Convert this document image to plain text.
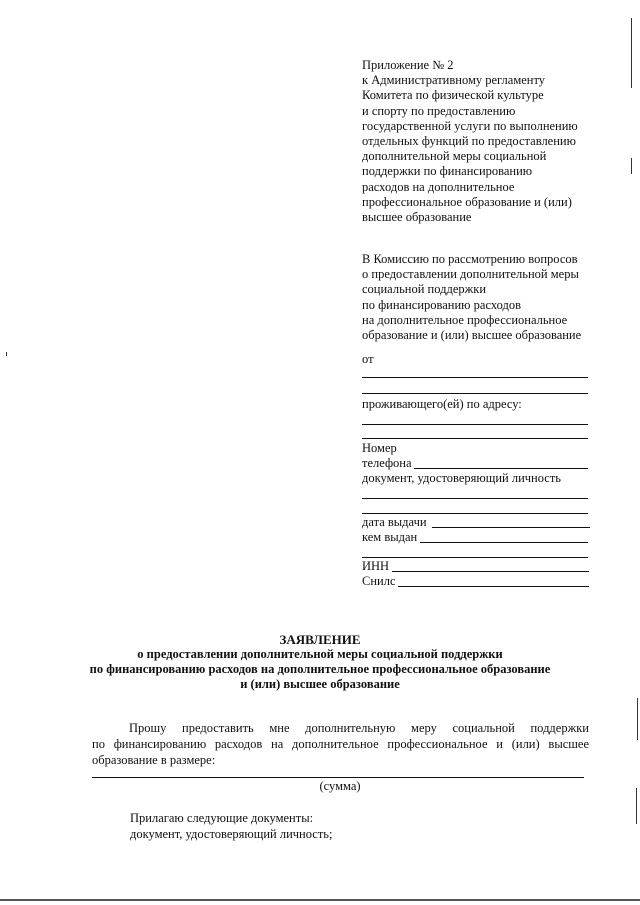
Приложение № 2
к Административному регламенту
Комитета по физической культуре
и спорту по предоставлению
государственной услуги по выполнению
отдельных функций по предоставлению
дополнительной меры социальной
поддержки по финансированию
расходов на дополнительное
профессиональное образование и (или)
высшее образование
В Комиссию по рассмотрению вопросов
о предоставлении дополнительной меры
социальной поддержки
по финансированию расходов
на дополнительное профессиональное
образование и (или) высшее образование
от
проживающего(ей) по адресу:
Номер
телефона
документ, удостоверяющий личность
дата выдачи
кем выдан
ИНН
Снилс
ЗАЯВЛЕНИЕ
о предоставлении дополнительной меры социальной поддержки
по финансированию расходов на дополнительное профессиональное образование
и (или) высшее образование
Прошу предоставить мне дополнительную меру социальной поддержки
по финансированию расходов на дополнительное профессиональное и (или) высшее
образование в размере:
(сумма)
Прилагаю следующие документы:
документ, удостоверяющий личность;
